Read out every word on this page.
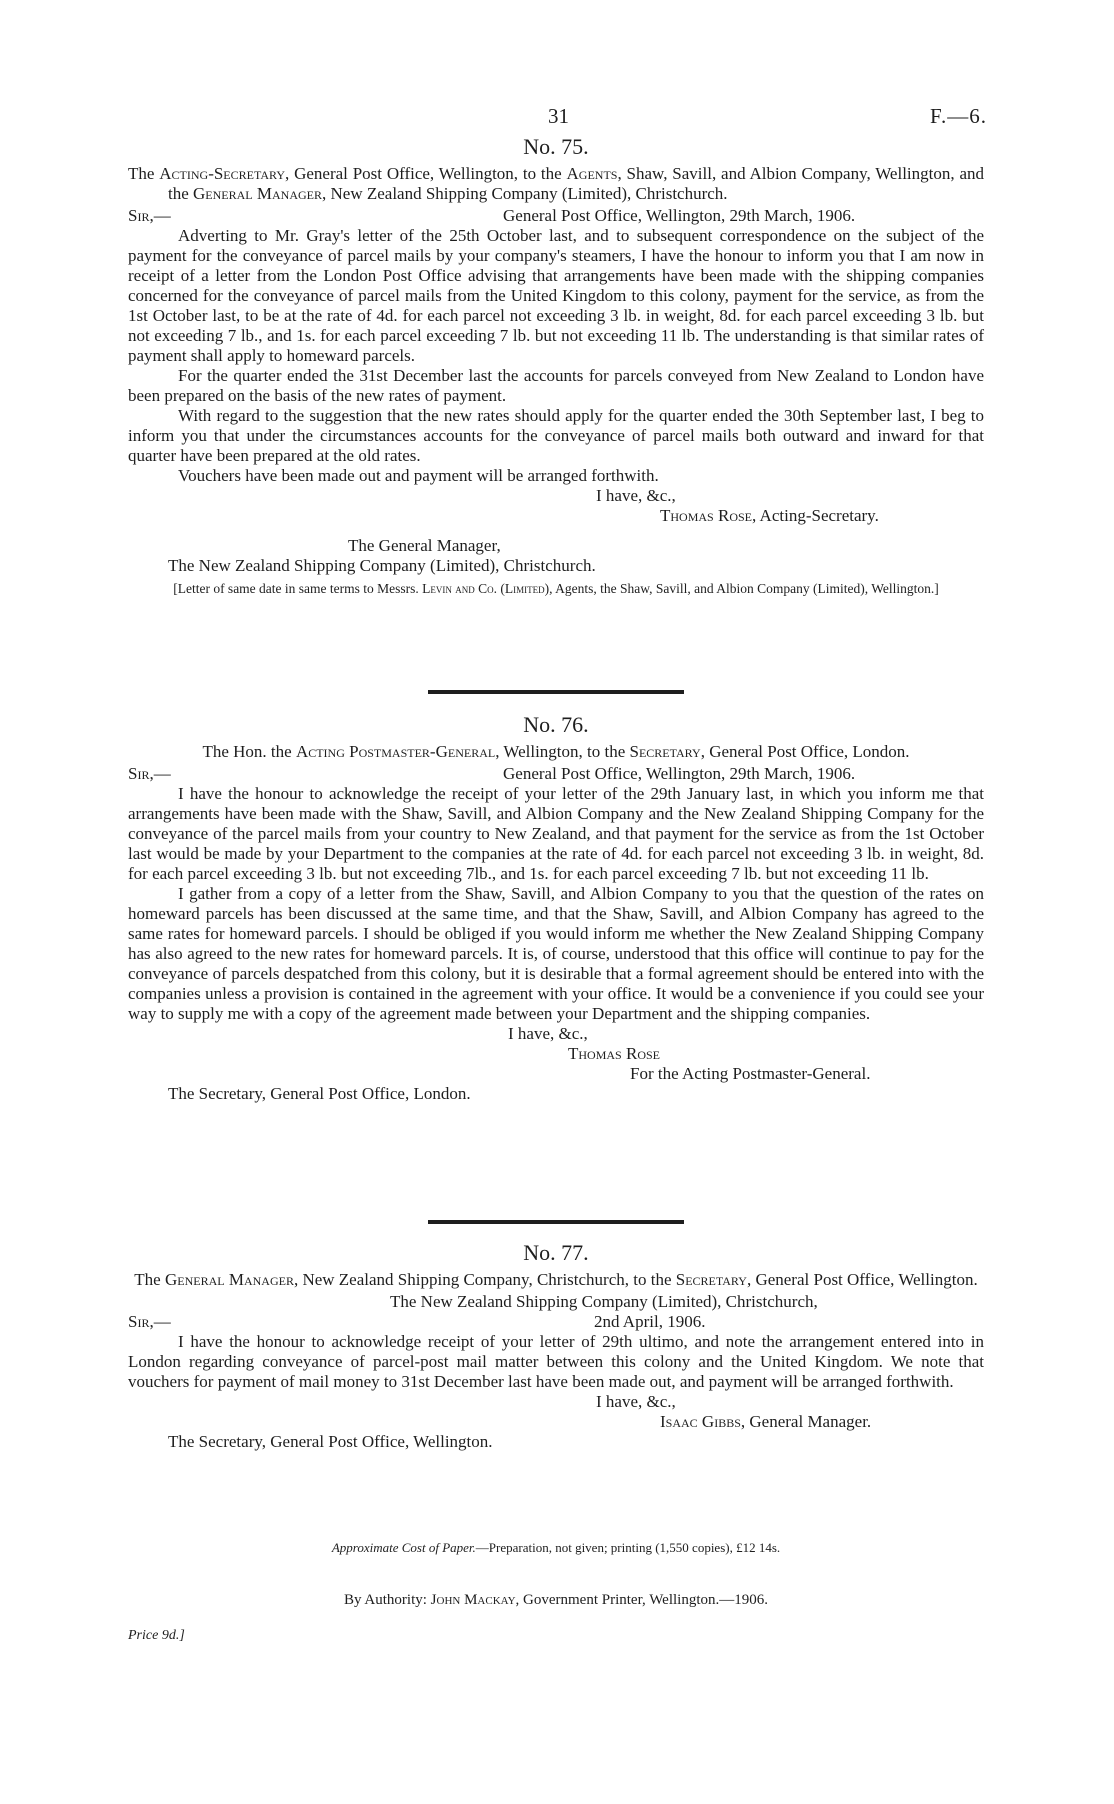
31	F.—6.
No. 75.

The Acting-Secretary, General Post Office, Wellington, to the Agents, Shaw, Savill, and Albion Company, Wellington, and the General Manager, New Zealand Shipping Company (Limited), Christchurch.

Sir,—	General Post Office, Wellington, 29th March, 1906.

Adverting to Mr. Gray's letter of the 25th October last, and to subsequent correspondence on the subject of the payment for the conveyance of parcel mails by your company's steamers, I have the honour to inform you that I am now in receipt of a letter from the London Post Office advising that arrangements have been made with the shipping companies concerned for the conveyance of parcel mails from the United Kingdom to this colony, payment for the service, as from the 1st October last, to be at the rate of 4d. for each parcel not exceeding 3 lb. in weight, 8d. for each parcel exceeding 3 lb. but not exceeding 7 lb., and 1s. for each parcel exceeding 7 lb. but not exceeding 11 lb. The understanding is that similar rates of payment shall apply to homeward parcels.

For the quarter ended the 31st December last the accounts for parcels conveyed from New Zealand to London have been prepared on the basis of the new rates of payment.

With regard to the suggestion that the new rates should apply for the quarter ended the 30th September last, I beg to inform you that under the circumstances accounts for the conveyance of parcel mails both outward and inward for that quarter have been prepared at the old rates.

Vouchers have been made out and payment will be arranged forthwith.

I have, &c.,

Thomas Rose, Acting-Secretary.

The General Manager,

The New Zealand Shipping Company (Limited), Christchurch.

[Letter of same date in same terms to Messrs. Levin and Co. (Limited), Agents, the Shaw, Savill, and Albion Company (Limited), Wellington.]

No. 76.

The Hon. the Acting Postmaster-General, Wellington, to the Secretary, General Post Office, London.

Sir,—	General Post Office, Wellington, 29th March, 1906.

I have the honour to acknowledge the receipt of your letter of the 29th January last, in which you inform me that arrangements have been made with the Shaw, Savill, and Albion Company and the New Zealand Shipping Company for the conveyance of the parcel mails from your country to New Zealand, and that payment for the service as from the 1st October last would be made by your Department to the companies at the rate of 4d. for each parcel not exceeding 3 lb. in weight, 8d. for each parcel exceeding 3 lb. but not exceeding 7lb., and 1s. for each parcel exceeding 7 lb. but not exceeding 11 lb.

I gather from a copy of a letter from the Shaw, Savill, and Albion Company to you that the question of the rates on homeward parcels has been discussed at the same time, and that the Shaw, Savill, and Albion Company has agreed to the same rates for homeward parcels. I should be obliged if you would inform me whether the New Zealand Shipping Company has also agreed to the new rates for homeward parcels. It is, of course, understood that this office will continue to pay for the conveyance of parcels despatched from this colony, but it is desirable that a formal agreement should be entered into with the companies unless a provision is contained in the agreement with your office. It would be a convenience if you could see your way to supply me with a copy of the agreement made between your Department and the shipping companies.

I have, &c.,

Thomas Rose

For the Acting Postmaster-General.

The Secretary, General Post Office, London.

No. 77.

The General Manager, New Zealand Shipping Company, Christchurch, to the Secretary, General Post Office, Wellington.

The New Zealand Shipping Company (Limited), Christchurch,

Sir,—	2nd April, 1906.

I have the honour to acknowledge receipt of your letter of 29th ultimo, and note the arrangement entered into in London regarding conveyance of parcel-post mail matter between this colony and the United Kingdom. We note that vouchers for payment of mail money to 31st December last have been made out, and payment will be arranged forthwith.

I have, &c.,

Isaac Gibbs, General Manager.

The Secretary, General Post Office, Wellington.

Approximate Cost of Paper.—Preparation, not given; printing (1,550 copies), £12 14s.
By Authority: John Mackay, Government Printer, Wellington.—1906.
Price 9d.]
